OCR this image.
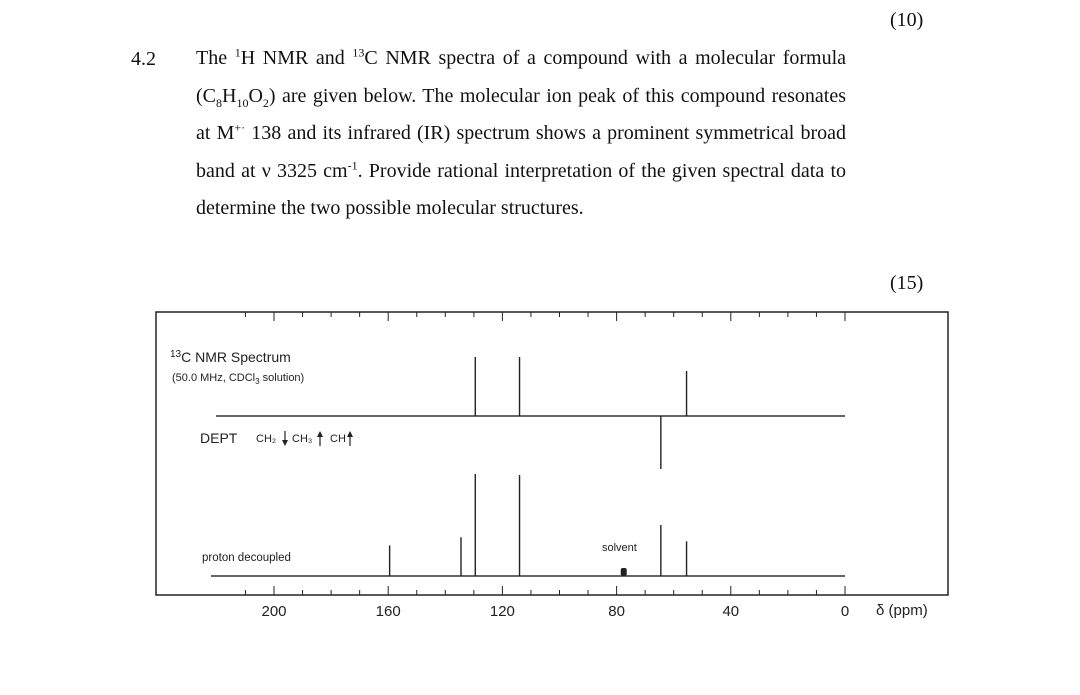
(10)
4.2 The $^1$H NMR and $^{13}$C NMR spectra of a compound with a molecular formula $(C_8H_{10}O_2)$ are given below. The molecular ion peak of this compound resonates at M+· 138 and its infrared (IR) spectrum shows a prominent symmetrical broad band at ν 3325 $cm^{-1}$. Provide rational interpretation of the given spectral data to determine the two possible molecular structures.

(15)
$^{13}$C NMR Spectrum
(50.0 MHz, CDCl$_3$ solution)
DEPT CH₂ CH₃ CH
proton decoupled
solvent
200	160	120	80	40	0 δ (ppm)
